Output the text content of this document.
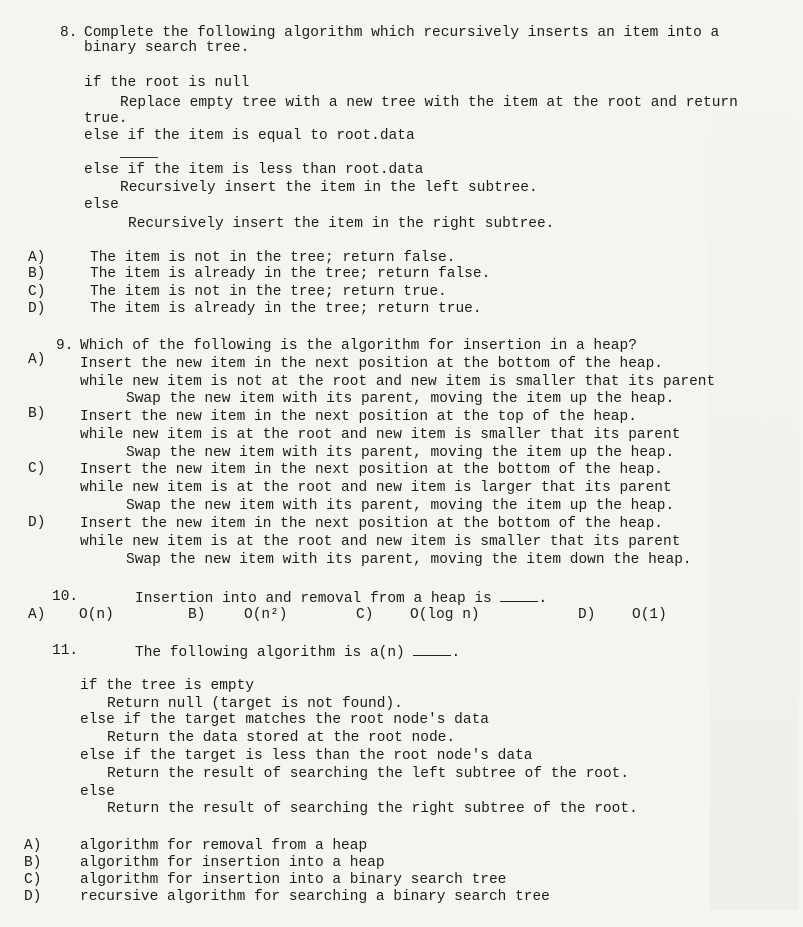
8. Complete the following algorithm which recursively inserts an item into a
binary search tree.
if the root is null
Replace empty tree with a new tree with the item at the root and return
true.
else if the item is equal to root.data
else if the item is less than root.data
Recursively insert the item in the left subtree.
else
Recursively insert the item in the right subtree.
A)	The item is not in the tree; return false.
B)	The item is already in the tree; return false.
C)	The item is not in the tree; return true.
D)	The item is already in the tree; return true.
9. Which of the following is the algorithm for insertion in a heap?
A) Insert the new item in the next position at the bottom of the heap.
while new item is not at the root and new item is smaller that its parent
Swap the new item with its parent, moving the item up the heap.
B) Insert the new item in the next position at the top of the heap.
while new item is at the root and new item is smaller that its parent
Swap the new item with its parent, moving the item up the heap.
C) Insert the new item in the next position at the bottom of the heap.
while new item is at the root and new item is larger that its parent
Swap the new item with its parent, moving the item up the heap.
D) Insert the new item in the next position at the bottom of the heap.
while new item is at the root and new item is smaller that its parent
Swap the new item with its parent, moving the item down the heap.
10.	Insertion into and removal from a heap is	.
A) O(n)	B)	O(n²)	C)	O(log n)	D)	O(1)
11.	The following algorithm is a(n)	.
if the tree is empty
Return null (target is not found).
else if the target matches the root node's data
Return the data stored at the root node.
else if the target is less than the root node's data
Return the result of searching the left subtree of the root.
else
Return the result of searching the right subtree of the root.
A)	algorithm for removal from a heap
B)	algorithm for insertion into a heap
C)	algorithm for insertion into a binary search tree
D)	recursive algorithm for searching a binary search tree
